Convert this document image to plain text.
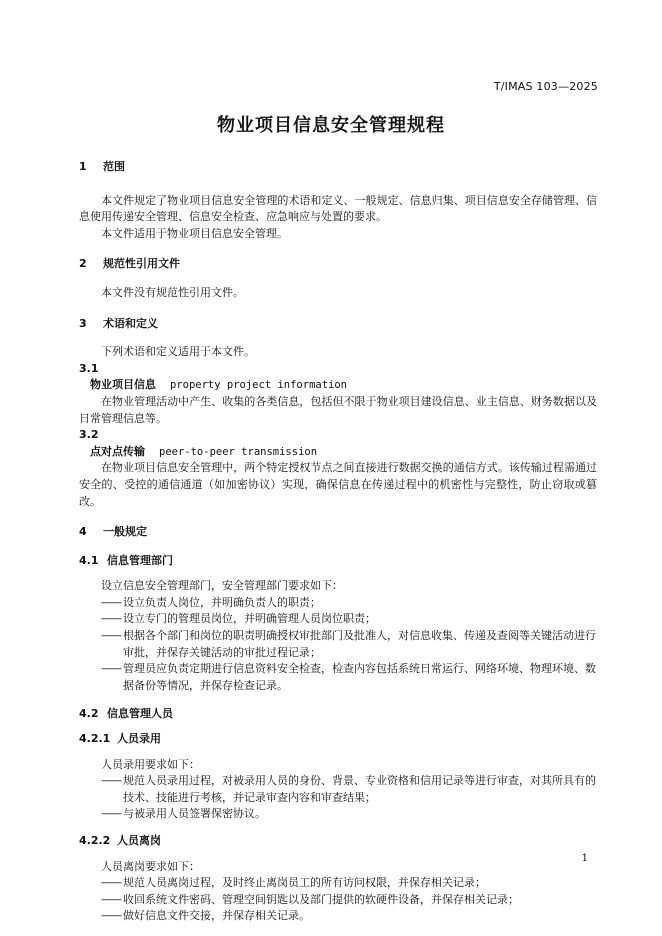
T/IMAS 103—2025
物业项目信息安全管理规程
1 范围

本文件规定了物业项目信息安全管理的术语和定义、一般规定、信息归集、项目信息安全存储管理、信息使用传递安全管理、信息安全检查、应急响应与处置的要求。

本文件适用于物业项目信息安全管理。

2 规范性引用文件

本文件没有规范性引用文件。

3 术语和定义

下列术语和定义适用于本文件。

3.1
物业项目信息 property project information

在物业管理活动中产生、收集的各类信息，包括但不限于物业项目建设信息、业主信息、财务数据以及日常管理信息等。

3.2
点对点传输 peer-to-peer transmission

在物业项目信息安全管理中，两个特定授权节点之间直接进行数据交换的通信方式。该传输过程需通过安全的、受控的通信通道（如加密协议）实现，确保信息在传递过程中的机密性与完整性，防止窃取或篡改。

4 一般规定
4.1 信息管理部门

设立信息安全管理部门，安全管理部门要求如下：

—— 设立负责人岗位，并明确负责人的职责；

—— 设立专门的管理员岗位，并明确管理人员岗位职责；

—— 根据各个部门和岗位的职责明确授权审批部门及批准人，对信息收集、传递及查阅等关键活动进行审批，并保存关键活动的审批过程记录；

—— 管理员应负责定期进行信息资料安全检查，检查内容包括系统日常运行、网络环境、物理环境、数据备份等情况，并保存检查记录。

4.2 信息管理人员
4.2.1 人员录用

人员录用要求如下：

—— 规范人员录用过程，对被录用人员的身份、背景、专业资格和信用记录等进行审查，对其所具有的技术、技能进行考核，并记录审查内容和审查结果；

—— 与被录用人员签署保密协议。

4.2.2 人员离岗

人员离岗要求如下：

—— 规范人员离岗过程，及时终止离岗员工的所有访问权限，并保存相关记录；

—— 收回系统文件密码、管理空间钥匙以及部门提供的软硬件设备，并保存相关记录；

—— 做好信息文件交接，并保存相关记录。

1
